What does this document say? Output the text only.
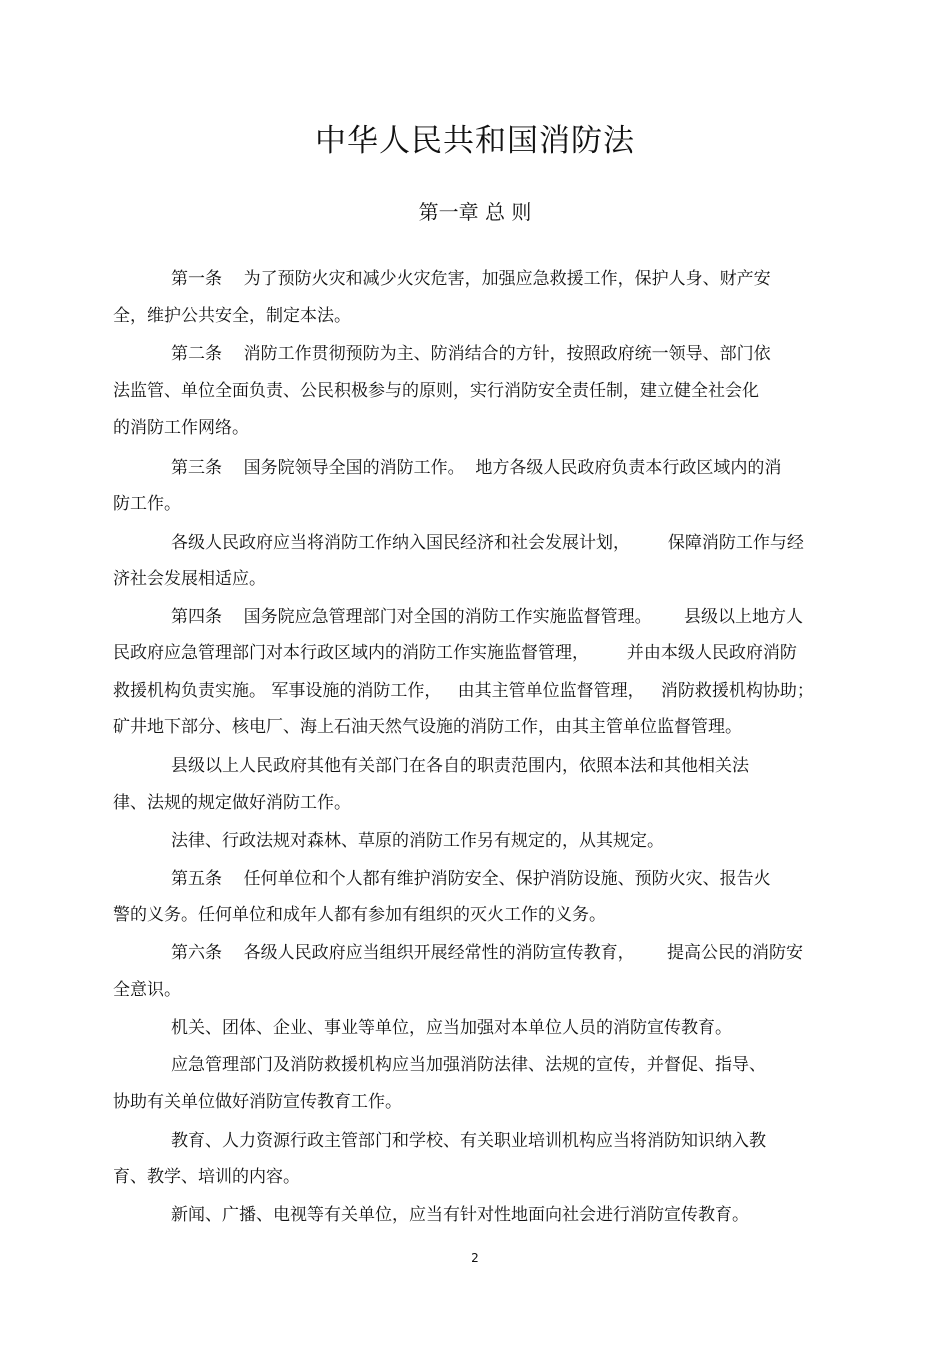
中华人民共和国消防法
第一章 总 则
第一条    为了预防火灾和减少火灾危害，加强应急救援工作，保护人身、财产安
全，维护公共安全，制定本法。
第二条    消防工作贯彻预防为主、防消结合的方针，按照政府统一领导、部门依
法监管、单位全面负责、公民积极参与的原则，实行消防安全责任制，建立健全社会化
的消防工作网络。
第三条    国务院领导全国的消防工作。  地方各级人民政府负责本行政区域内的消
防工作。
各级人民政府应当将消防工作纳入国民经济和社会发展计划，       保障消防工作与经
济社会发展相适应。
第四条    国务院应急管理部门对全国的消防工作实施监督管理。      县级以上地方人
民政府应急管理部门对本行政区域内的消防工作实施监督管理，       并由本级人民政府消防
救援机构负责实施。 军事设施的消防工作，   由其主管单位监督管理，   消防救援机构协助；
矿井地下部分、核电厂、海上石油天然气设施的消防工作，由其主管单位监督管理。
县级以上人民政府其他有关部门在各自的职责范围内，依照本法和其他相关法
律、法规的规定做好消防工作。
法律、行政法规对森林、草原的消防工作另有规定的，从其规定。
第五条    任何单位和个人都有维护消防安全、保护消防设施、预防火灾、报告火
警的义务。任何单位和成年人都有参加有组织的灭火工作的义务。
第六条    各级人民政府应当组织开展经常性的消防宣传教育，      提高公民的消防安
全意识。
机关、团体、企业、事业等单位，应当加强对本单位人员的消防宣传教育。
应急管理部门及消防救援机构应当加强消防法律、法规的宣传，并督促、指导、
协助有关单位做好消防宣传教育工作。
教育、人力资源行政主管部门和学校、有关职业培训机构应当将消防知识纳入教
育、教学、培训的内容。
新闻、广播、电视等有关单位，应当有针对性地面向社会进行消防宣传教育。
2
